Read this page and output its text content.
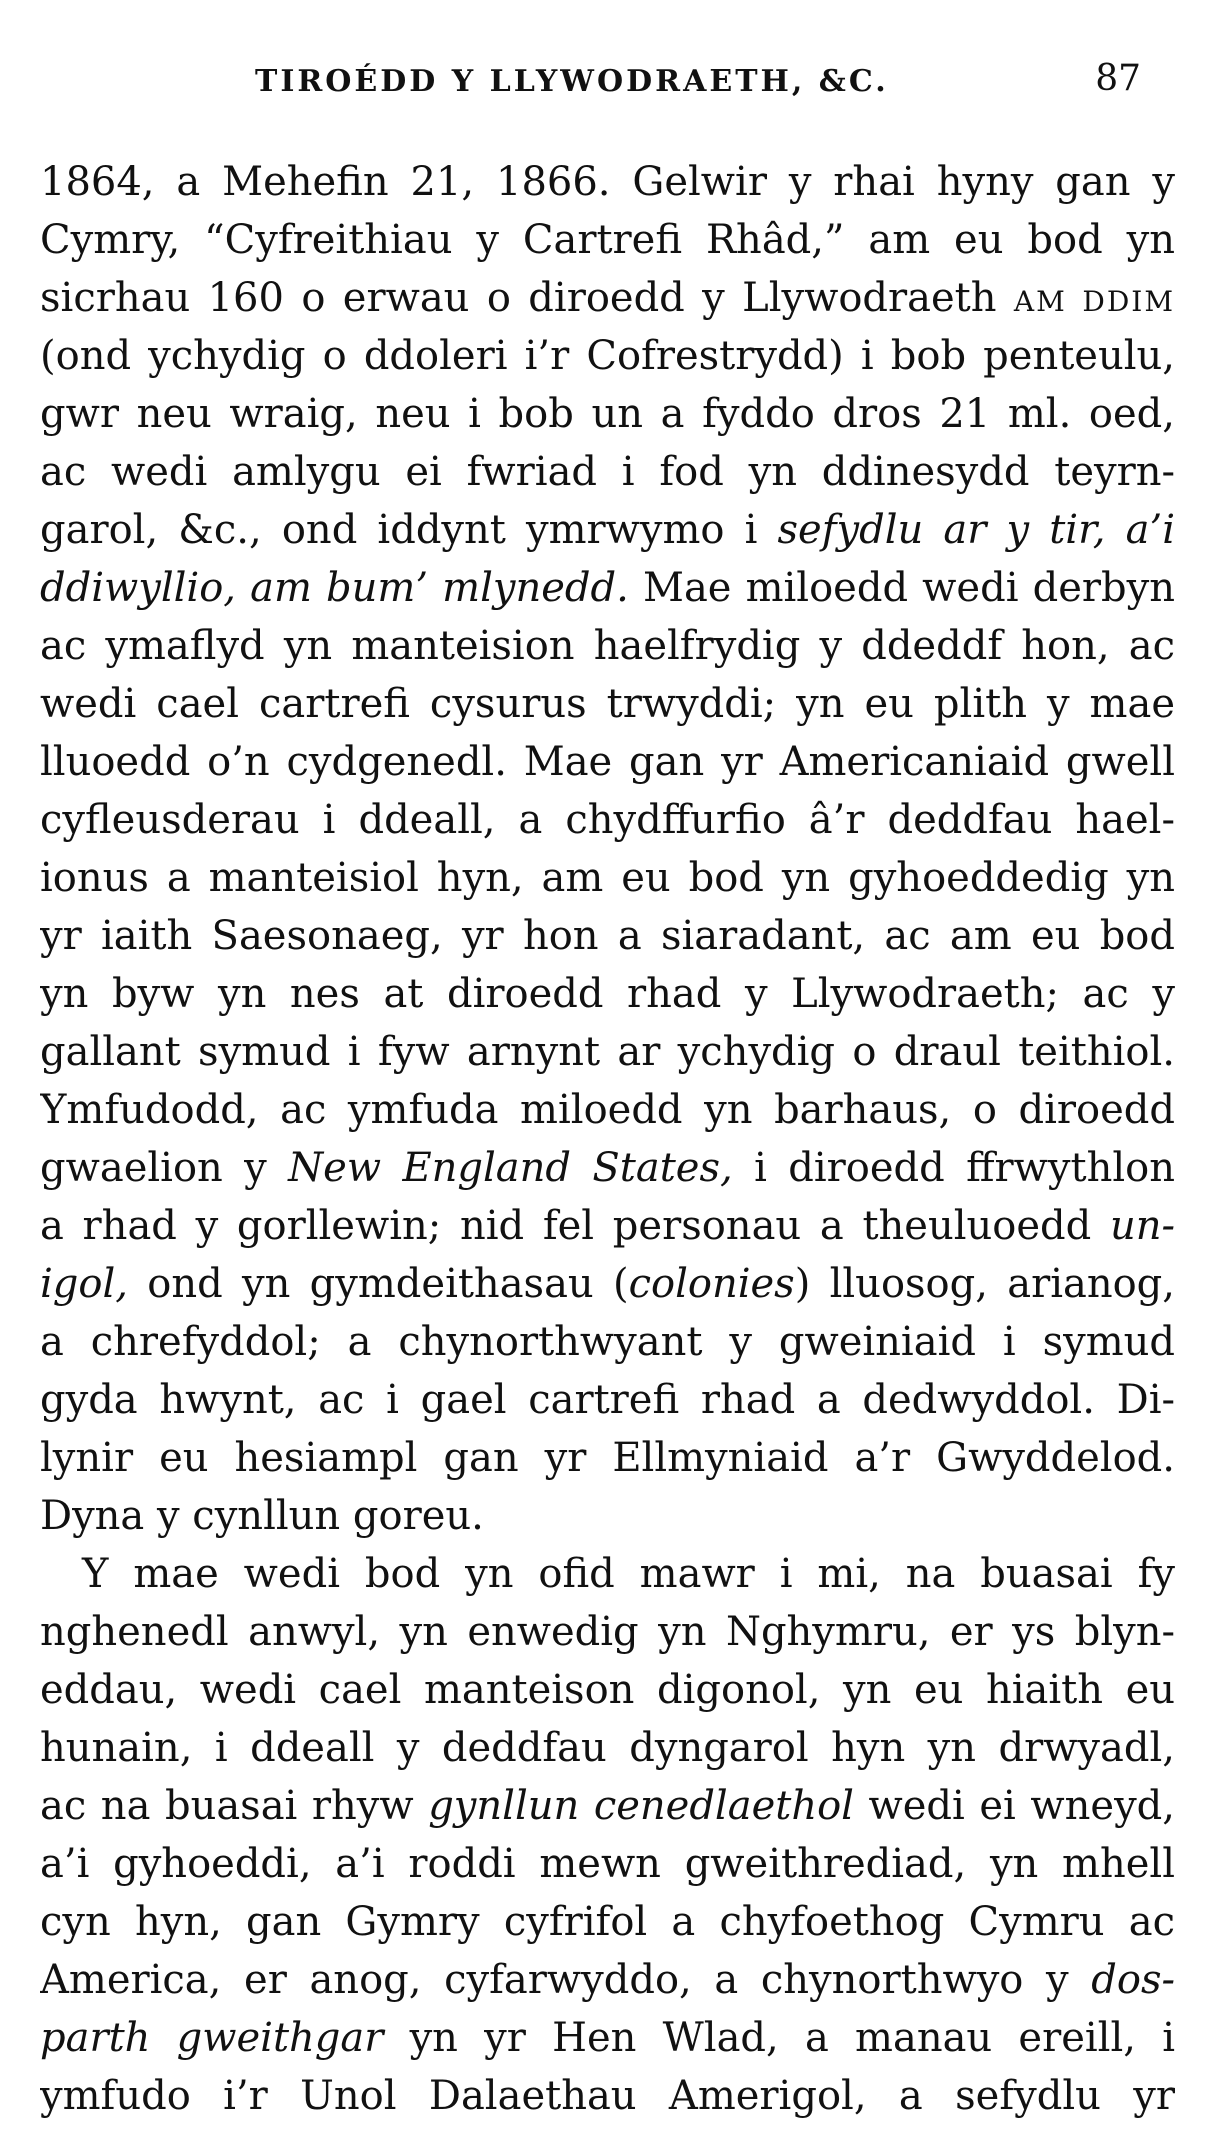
TIROÉDD Y LLYWODRAETH, &C.	87
1864, a Mehefin 21, 1866. Gelwir y rhai hyny gan y
Cymry, “Cyfreithiau y Cartrefi Rhâd,” am eu bod yn
sicrhau 160 o erwau o diroedd y Llywodraeth AM DDIM
(ond ychydig o ddoleri i’r Cofrestrydd) i bob penteulu,
gwr neu wraig, neu i bob un a fyddo dros 21 ml. oed,
ac wedi amlygu ei fwriad i fod yn ddinesydd teyrn-
garol, &c., ond iddynt ymrwymo i sefydlu ar y tir, a’i
ddiwyllio, am bum’ mlynedd. Mae miloedd wedi derbyn
ac ymaflyd yn manteision haelfrydig y ddeddf hon, ac
wedi cael cartrefi cysurus trwyddi; yn eu plith y mae
lluoedd o’n cydgenedl. Mae gan yr Americaniaid gwell
cyfleusderau i ddeall, a chydffurfio â’r deddfau hael-
ionus a manteisiol hyn, am eu bod yn gyhoeddedig yn
yr iaith Saesonaeg, yr hon a siaradant, ac am eu bod
yn byw yn nes at diroedd rhad y Llywodraeth; ac y
gallant symud i fyw arnynt ar ychydig o draul teithiol.
Ymfudodd, ac ymfuda miloedd yn barhaus, o diroedd
gwaelion y New England States, i diroedd ffrwythlon
a rhad y gorllewin; nid fel personau a theuluoedd un-
igol, ond yn gymdeithasau (colonies) lluosog, arianog,
a chrefyddol; a chynorthwyant y gweiniaid i symud
gyda hwynt, ac i gael cartrefi rhad a dedwyddol. Di-
lynir eu hesiampl gan yr Ellmyniaid a’r Gwyddelod.
Dyna y cynllun goreu.
Y mae wedi bod yn ofid mawr i mi, na buasai fy
nghenedl anwyl, yn enwedig yn Nghymru, er ys blyn-
eddau, wedi cael manteison digonol, yn eu hiaith eu
hunain, i ddeall y deddfau dyngarol hyn yn drwyadl,
ac na buasai rhyw gynllun cenedlaethol wedi ei wneyd,
a’i gyhoeddi, a’i roddi mewn gweithrediad, yn mhell
cyn hyn, gan Gymry cyfrifol a chyfoethog Cymru ac
America, er anog, cyfarwyddo, a chynorthwyo y dos-
parth gweithgar yn yr Hen Wlad, a manau ereill, i
ymfudo i’r Unol Dalaethau Amerigol, a sefydlu yr
